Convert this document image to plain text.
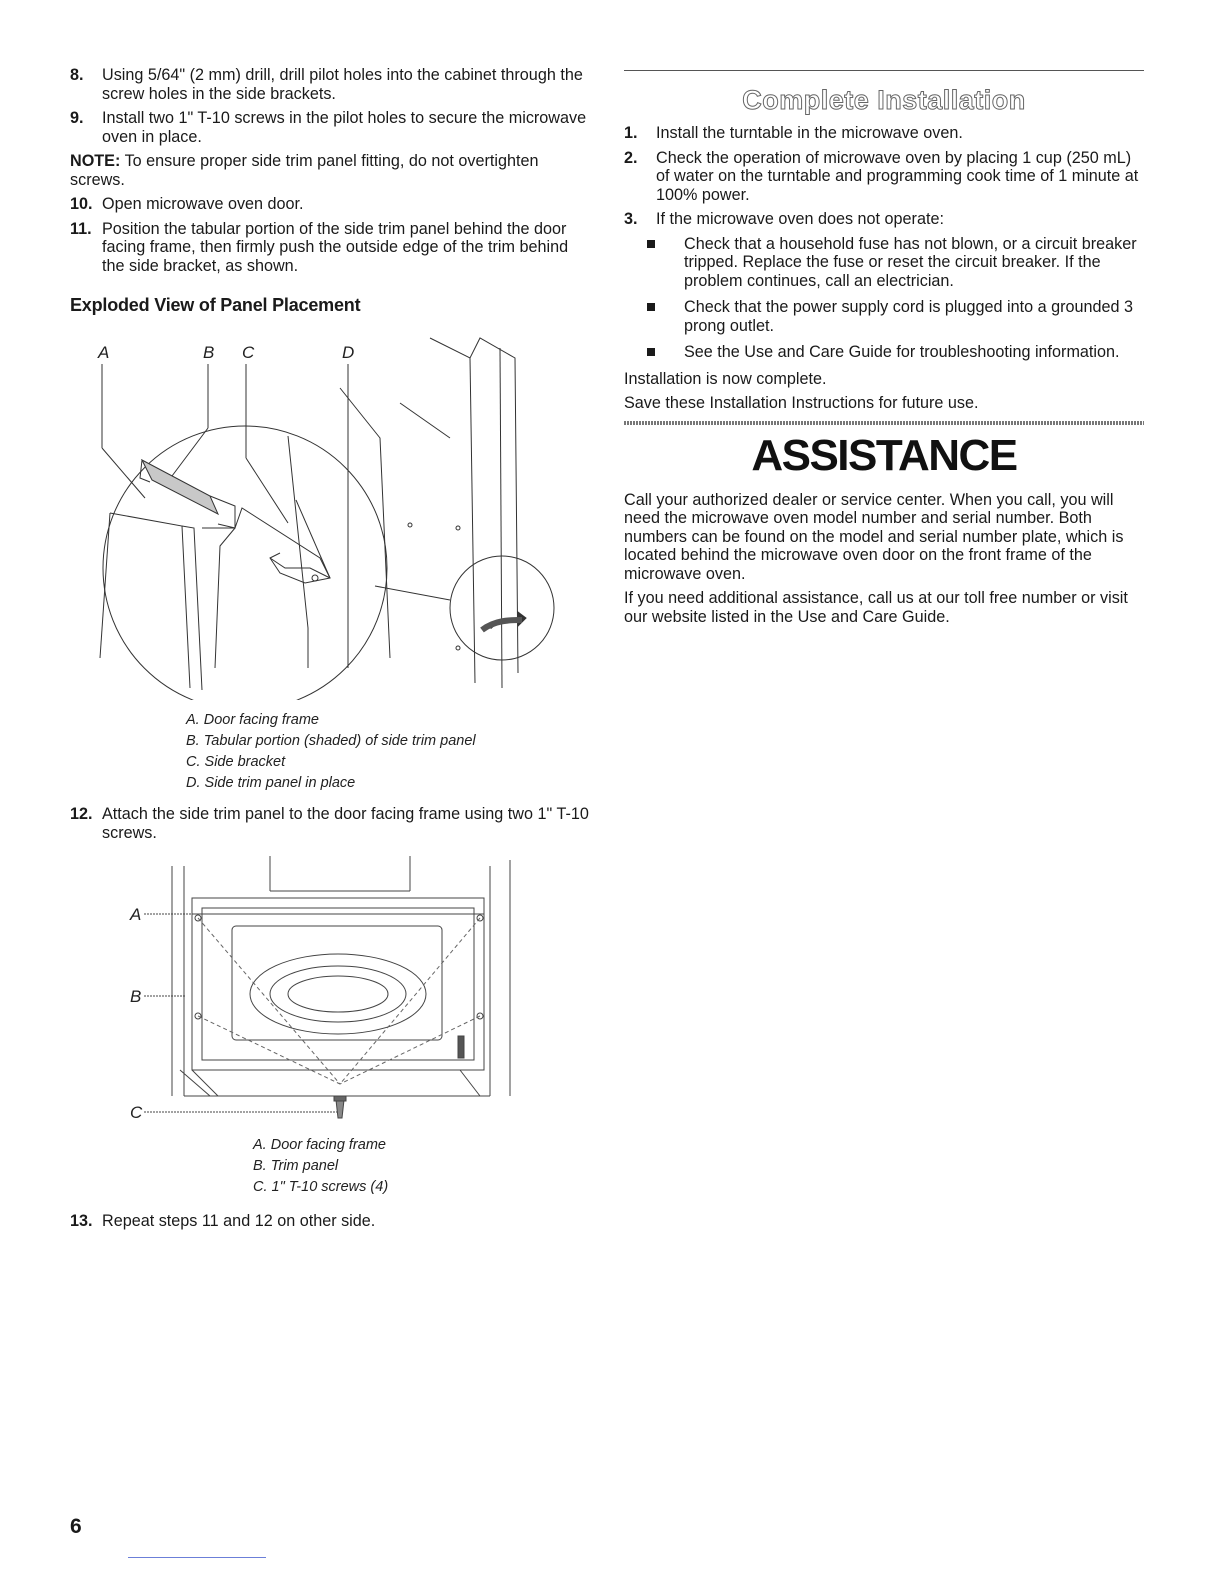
8. Using 5/64" (2 mm) drill, drill pilot holes into the cabinet through the screw holes in the side brackets.
9. Install two 1" T-10 screws in the pilot holes to secure the microwave oven in place.
NOTE: To ensure proper side trim panel fitting, do not overtighten screws.
10. Open microwave oven door.
11. Position the tabular portion of the side trim panel behind the door facing frame, then firmly push the outside edge of the trim behind the side bracket, as shown.
Exploded View of Panel Placement
A	B C	D
A. Door facing frame
B. Tabular portion (shaded) of side trim panel
C. Side bracket
D. Side trim panel in place
12. Attach the side trim panel to the door facing frame using two 1" T-10 screws.
A
B
C
A. Door facing frame
B. Trim panel
C. 1" T-10 screws (4)
13. Repeat steps 11 and 12 on other side.
Complete Installation
1. Install the turntable in the microwave oven.
2. Check the operation of microwave oven by placing 1 cup (250 mL) of water on the turntable and programming cook time of 1 minute at 100% power.
3. If the microwave oven does not operate:
Check that a household fuse has not blown, or a circuit breaker tripped. Replace the fuse or reset the circuit breaker. If the problem continues, call an electrician.
Check that the power supply cord is plugged into a grounded 3 prong outlet.
See the Use and Care Guide for troubleshooting information.
Installation is now complete.
Save these Installation Instructions for future use.
ASSISTANCE
Call your authorized dealer or service center. When you call, you will need the microwave oven model number and serial number. Both numbers can be found on the model and serial number plate, which is located behind the microwave oven door on the front frame of the microwave oven.
If you need additional assistance, call us at our toll free number or visit our website listed in the Use and Care Guide.
6
